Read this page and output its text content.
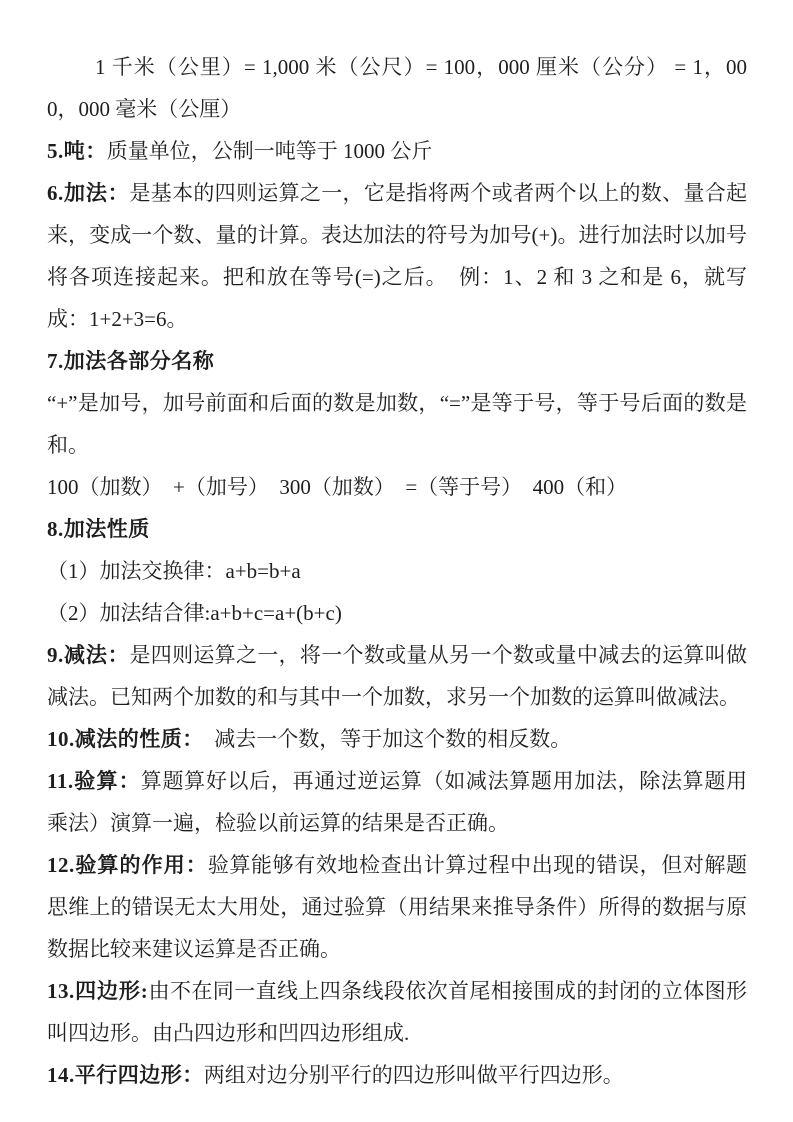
1 千米（公里）= 1,000 米（公尺）= 100，000 厘米（公分） = 1，000，000 毫米（公厘）

5.吨：质量单位，公制一吨等于 1000 公斤

6.加法：是基本的四则运算之一，它是指将两个或者两个以上的数、量合起来，变成一个数、量的计算。表达加法的符号为加号(+)。进行加法时以加号将各项连接起来。把和放在等号(=)之后。　例：1、2 和 3 之和是 6，就写成：1+2+3=6。

7.加法各部分名称

“+”是加号，加号前面和后面的数是加数，“=”是等于号，等于号后面的数是和。

100（加数）　+（加号）　300（加数）　=（等于号）　400（和）

8.加法性质

（1）加法交换律：a+b=b+a

（2）加法结合律:a+b+c=a+(b+c)

9.减法：是四则运算之一，将一个数或量从另一个数或量中减去的运算叫做减法。已知两个加数的和与其中一个加数，求另一个加数的运算叫做减法。

10.减法的性质：　减去一个数，等于加这个数的相反数。

11.验算：算题算好以后，再通过逆运算（如减法算题用加法，除法算题用乘法）演算一遍，检验以前运算的结果是否正确。

12.验算的作用：验算能够有效地检查出计算过程中出现的错误，但对解题思维上的错误无太大用处，通过验算（用结果来推导条件）所得的数据与原数据比较来建议运算是否正确。

13.四边形:由不在同一直线上四条线段依次首尾相接围成的封闭的立体图形叫四边形。由凸四边形和凹四边形组成.

14.平行四边形：两组对边分别平行的四边形叫做平行四边形。
